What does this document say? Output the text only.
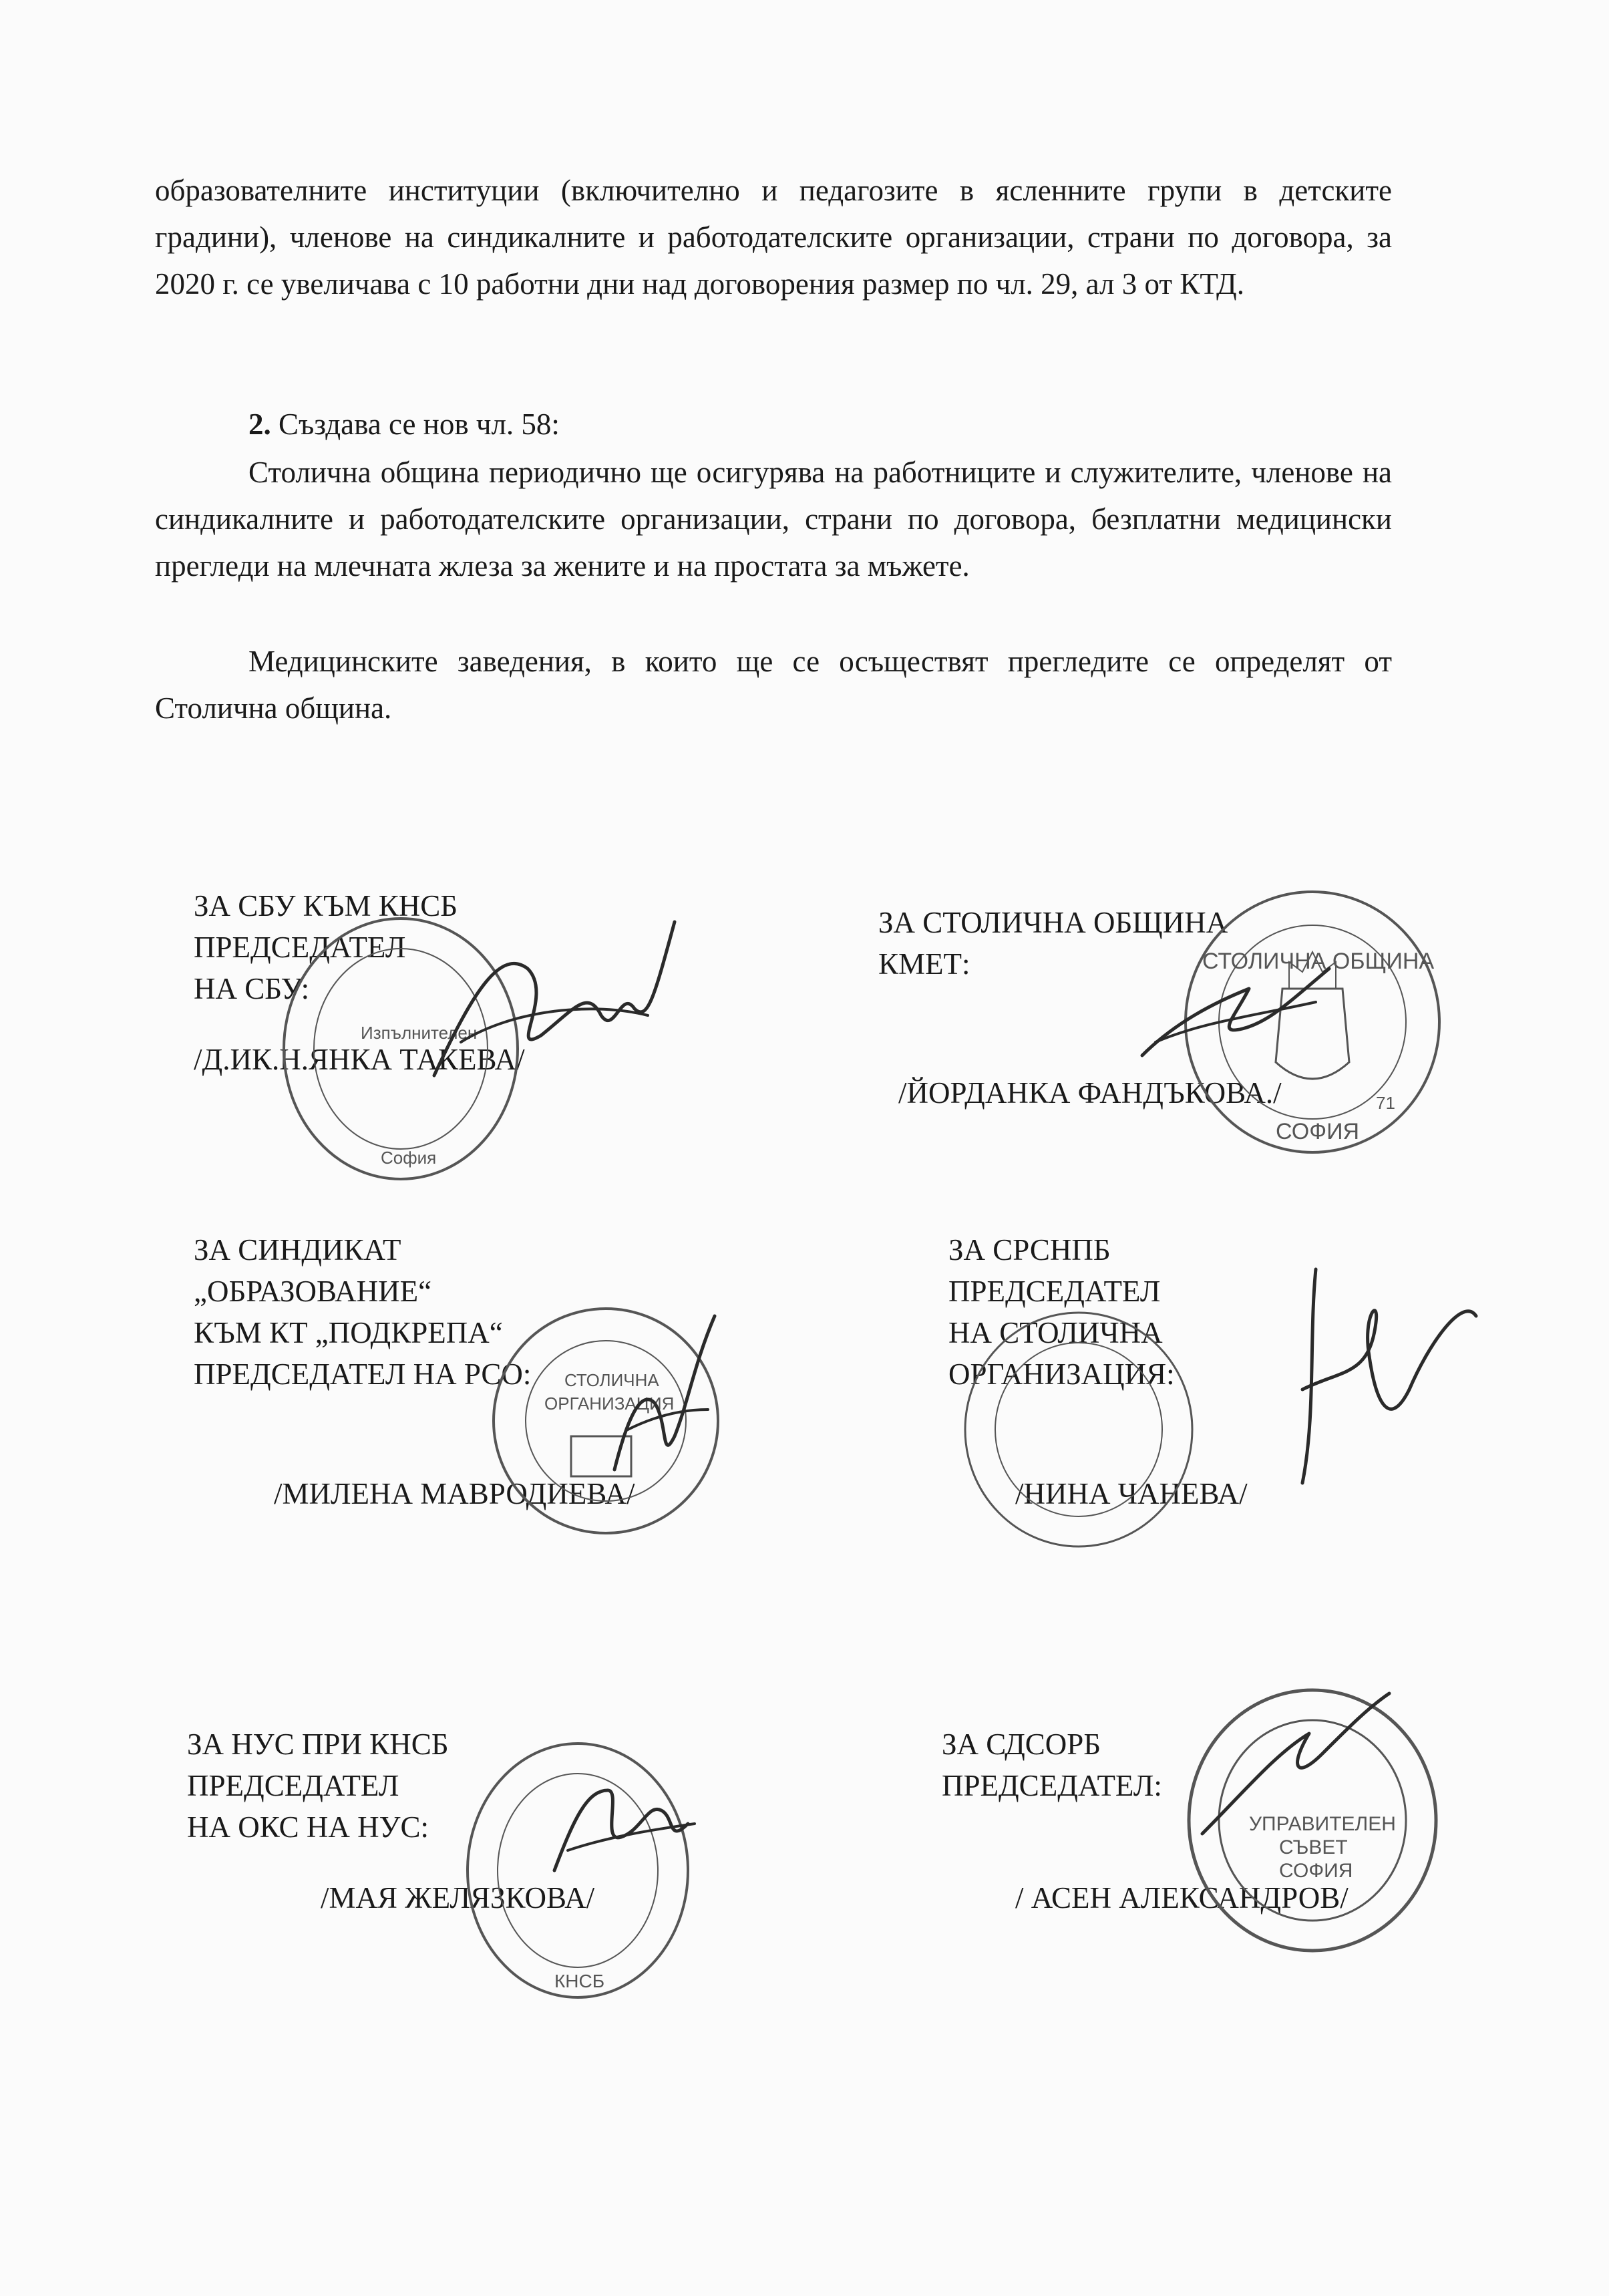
образователните институции (включително и педагозите в ясленните групи в детските градини), членове на синдикалните и работодателските организации, страни по договора, за 2020 г. се увеличава с 10 работни дни над договорения размер по чл. 29, ал 3 от КТД.

2. Създава се нов чл. 58:

Столична община периодично ще осигурява на работниците и служителите, членове на синдикалните и работодателските организации, страни по договора, безплатни медицински прегледи на млечната жлеза за жените и на простата за мъжете.

Медицинските заведения, в които ще се осъществят прегледите се определят от Столична община.

ЗА СБУ КЪМ КНСБ
ПРЕДСЕДАТЕЛ
НА СБУ:
/Д.ИК.Н.ЯНКА ТАКЕВА/
Изпълнителен
София
ЗА СТОЛИЧНА ОБЩИНА
КМЕТ:
/ЙОРДАНКА ФАНДЪКОВА./
СТОЛИЧНА ОБЩИНА
СОФИЯ
71
ЗА СИНДИКАТ
„ОБРАЗОВАНИЕ“
КЪМ КТ „ПОДКРЕПА“
ПРЕДСЕДАТЕЛ НА РСО:
/МИЛЕНА МАВРОДИЕВА/
СТОЛИЧНА
ОРГАНИЗАЦИЯ
ЗА СРСНПБ
ПРЕДСЕДАТЕЛ
НА СТОЛИЧНА
ОРГАНИЗАЦИЯ:
/НИНА ЧАНЕВА/
ЗА НУС ПРИ КНСБ
ПРЕДСЕДАТЕЛ
НА ОКС НА НУС:
/МАЯ ЖЕЛЯЗКОВА/
КНСБ
ЗА СДСОРБ
ПРЕДСЕДАТЕЛ:
/ АСЕН АЛЕКСАНДРОВ/
УПРАВИТЕЛЕН
СЪВЕТ
СОФИЯ
